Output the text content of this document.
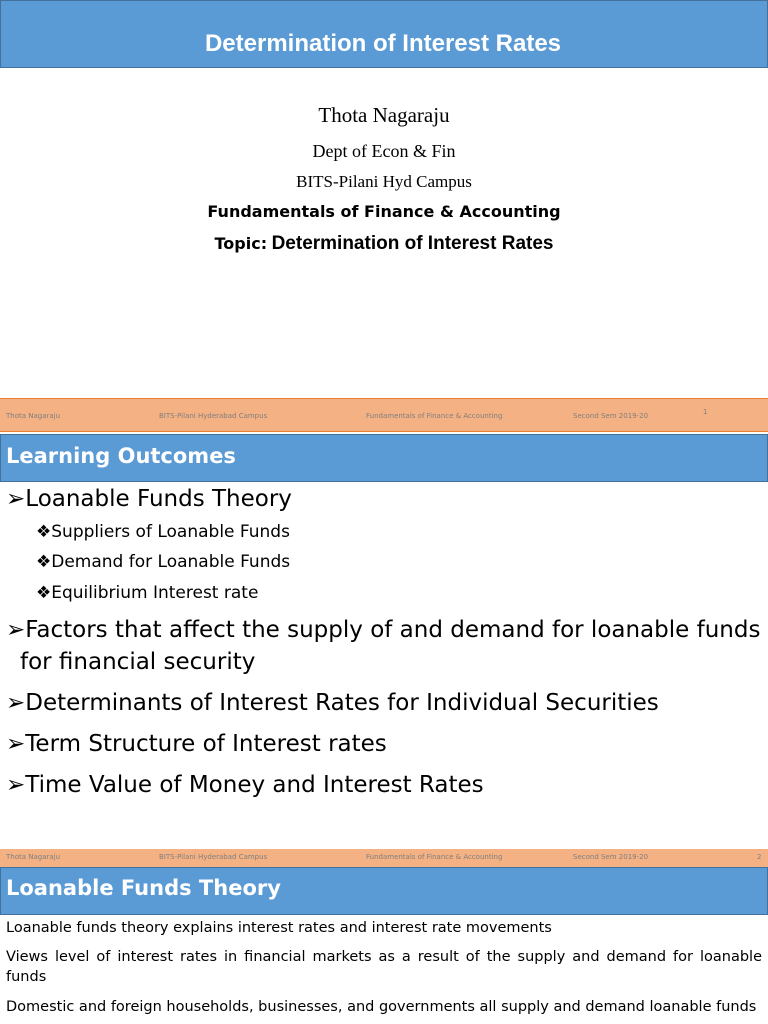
Determination of Interest Rates
Thota Nagaraju
Dept of Econ & Fin
BITS-Pilani Hyd Campus
Fundamentals of Finance & Accounting
Topic: Determination of Interest Rates
Thota Nagaraju	BITS-Pilani Hyderabad Campus	Fundamentals of Finance & Accounting	Second Sem 2019-20	1
Learning Outcomes
➢Loanable Funds Theory
❖Suppliers of Loanable Funds
❖Demand for Loanable Funds
❖Equilibrium Interest rate
➢Factors that affect the supply of and demand for loanable funds for financial security
➢Determinants of Interest Rates for Individual Securities
➢Term Structure of Interest rates
➢Time Value of Money and Interest Rates
Thota Nagaraju	BITS-Pilani Hyderabad Campus	Fundamentals of Finance & Accounting	Second Sem 2019-20	2
Loanable Funds Theory
Loanable funds theory explains interest rates and interest rate movements
Views level of interest rates in financial markets as a result of the supply and demand for loanable funds
Domestic and foreign households, businesses, and governments all supply and demand loanable funds
